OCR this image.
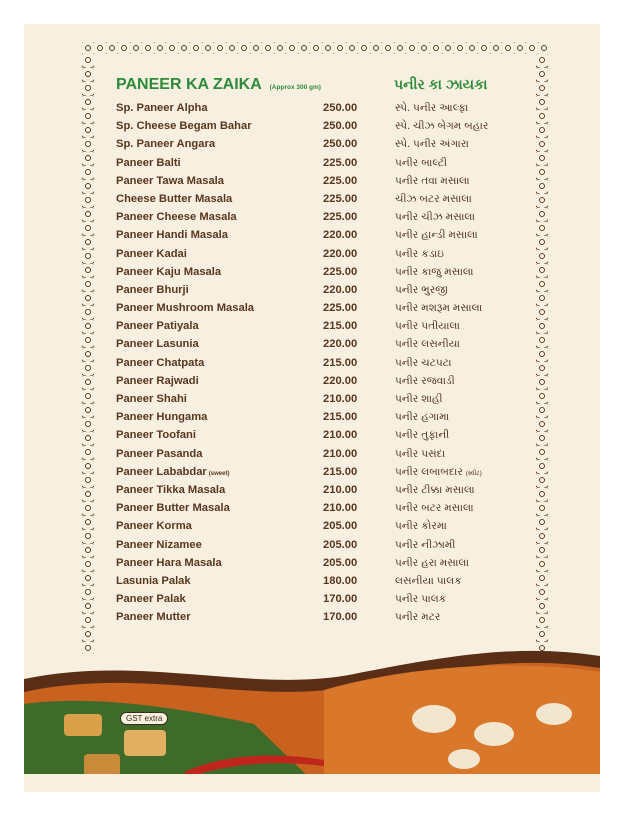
PANEER KA ZAIKA (Approx 300 gm)	પનીર કા ઝાયકા
Sp. Paneer Alpha	250.00	સ્પે. પનીર આલ્ફા
Sp. Cheese Begam Bahar	250.00	સ્પે. ચીઝ બેગમ બહાર
Sp. Paneer Angara	250.00	સ્પે. પનીર અંગારા
Paneer Balti	225.00	પનીર બાલ્ટી
Paneer Tawa Masala	225.00	પનીર તવા મસાલા
Cheese Butter Masala	225.00	ચીઝ બટર મસાલા
Paneer Cheese Masala	225.00	પનીર ચીઝ મસાલા
Paneer Handi Masala	220.00	પનીર હાન્ડી મસાલા
Paneer Kadai	220.00	પનીર કડાઇ
Paneer Kaju Masala	225.00	પનીર કાજુ મસાલા
Paneer Bhurji	220.00	પનીર ભુરજી
Paneer Mushroom Masala	225.00	પનીર મશરૂમ મસાલા
Paneer Patiyala	215.00	પનીર પતીયાલા
Paneer Lasunia	220.00	પનીર લસનીયા
Paneer Chatpata	215.00	પનીર ચટપટા
Paneer Rajwadi	220.00	પનીર રજવાડી
Paneer Shahi	210.00	પનીર શાહી
Paneer Hungama	215.00	પનીર હંગામા
Paneer Toofani	210.00	પનીર તુફાની
Paneer Pasanda	210.00	પનીર પસંદા
Paneer Lababdar (sweet)	215.00	પનીર લબાબદાર (સ્વીટ)
Paneer Tikka Masala	210.00	પનીર ટીક્કા મસાલા
Paneer Butter Masala	210.00	પનીર બટર મસાલા
Paneer Korma	205.00	પનીર કોરમા
Paneer Nizamee	205.00	પનીર નીઝામી
Paneer Hara Masala	205.00	પનીર હરા મસાલા
Lasunia Palak	180.00	લસનીયા પાલક
Paneer Palak	170.00	પનીર પાલક
Paneer Mutter	170.00	પનીર મટર
GST extra
